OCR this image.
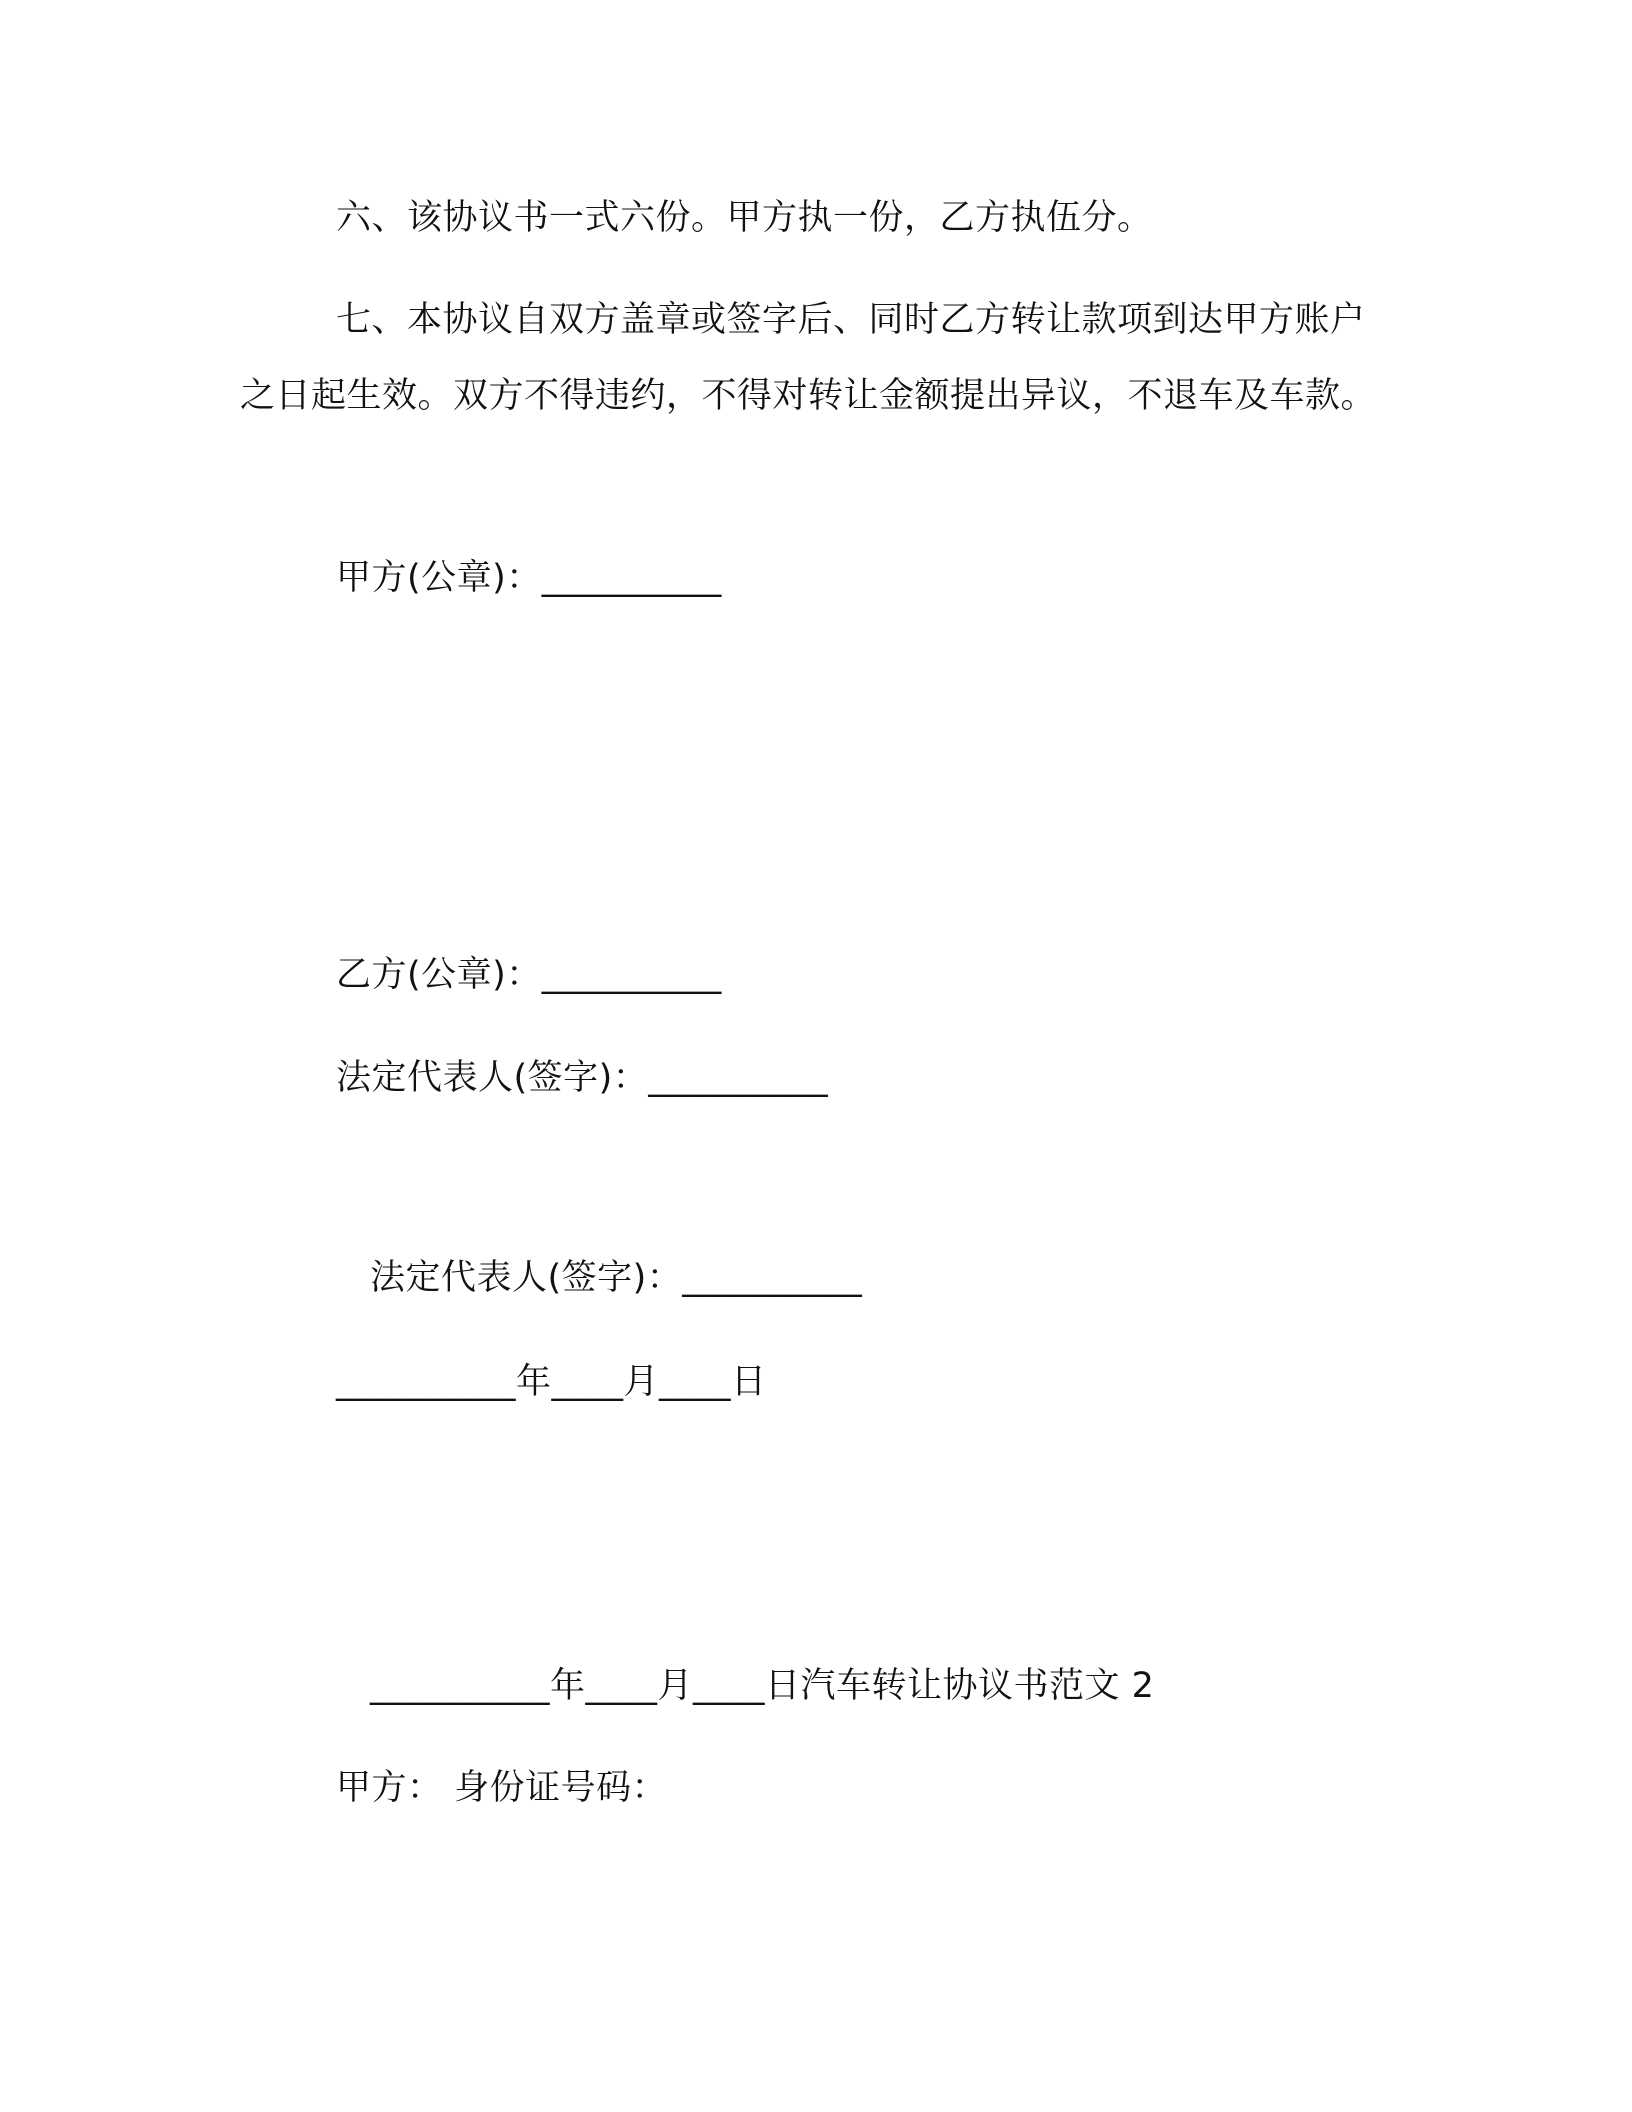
六、该协议书一式六份。甲方执一份，乙方执伍分。
七、本协议自双方盖章或签字后、同时乙方转让款项到达甲方账户之日起生效。双方不得违约，不得对转让金额提出异议，不退车及车款。
甲方(公章)：__________
乙方(公章)：__________
法定代表人(签字)：__________
法定代表人(签字)：__________
__________年____月____日
__________年____月____日汽车转让协议书范文 2
甲方： 身份证号码：
